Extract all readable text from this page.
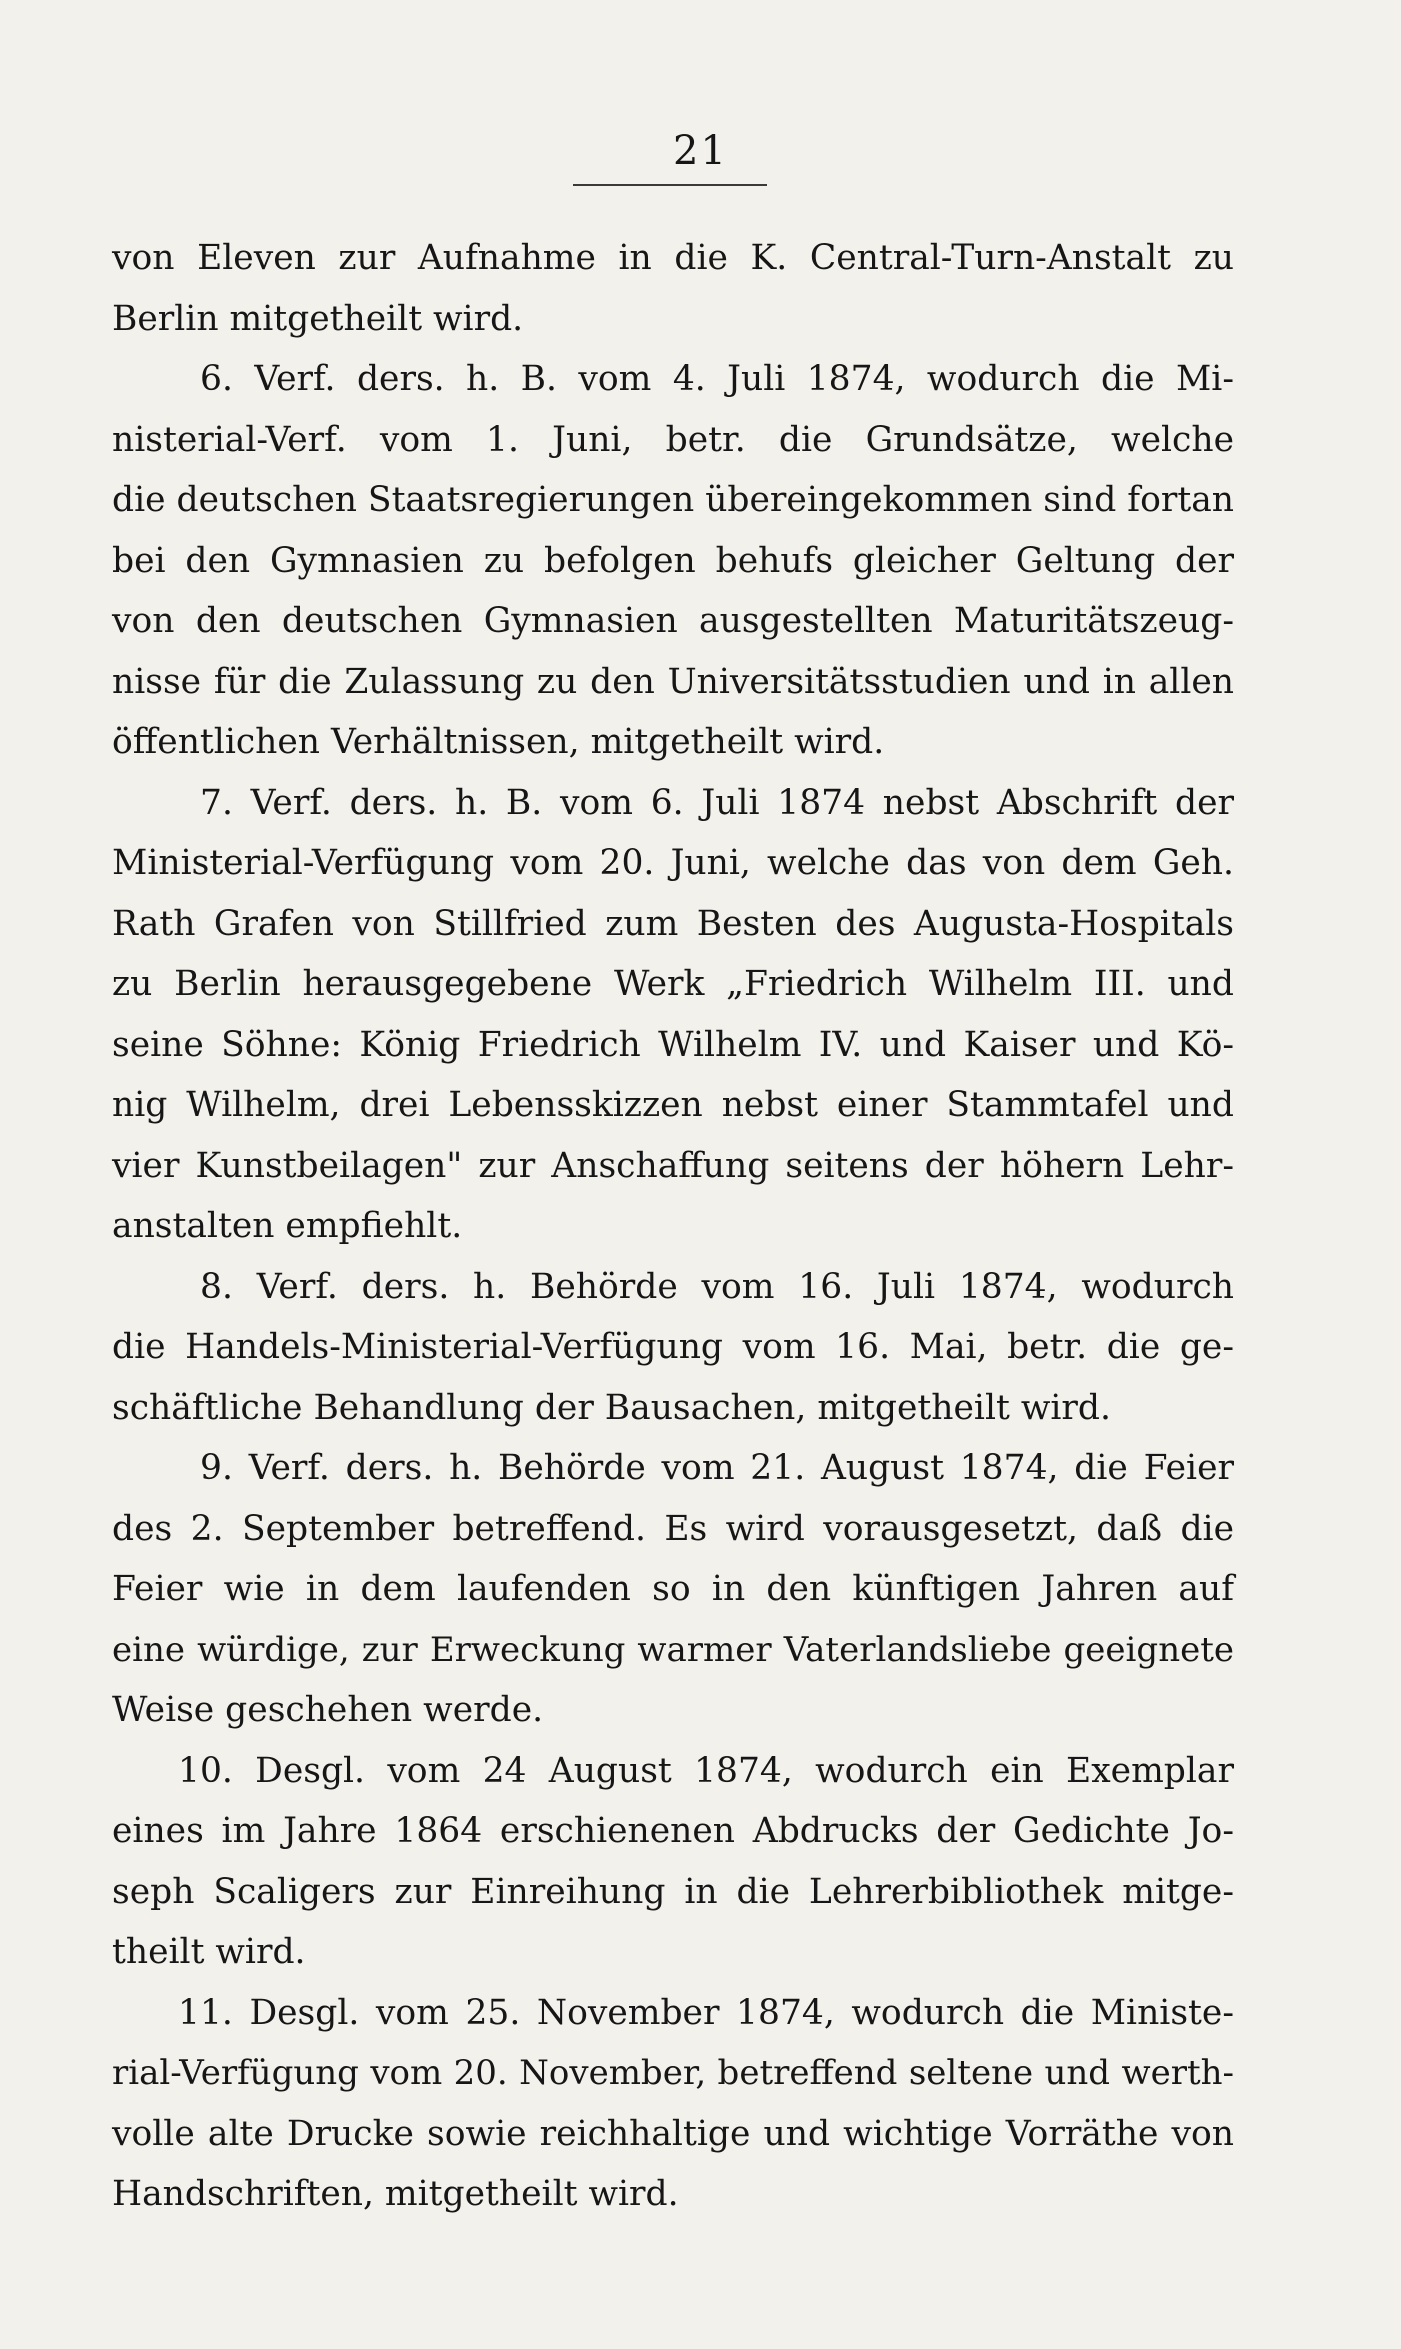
21
von Eleven zur Aufnahme in die K. Central-Turn-Anstalt zu
Berlin mitgetheilt wird.
6. Verf. ders. h. B. vom 4. Juli 1874, wodurch die Mi-
nisterial-Verf. vom 1. Juni, betr. die Grundsätze, welche
die deutschen Staatsregierungen übereingekommen sind fortan
bei den Gymnasien zu befolgen behufs gleicher Geltung der
von den deutschen Gymnasien ausgestellten Maturitätszeug-
nisse für die Zulassung zu den Universitätsstudien und in allen
öffentlichen Verhältnissen, mitgetheilt wird.
7. Verf. ders. h. B. vom 6. Juli 1874 nebst Abschrift der
Ministerial-Verfügung vom 20. Juni, welche das von dem Geh.
Rath Grafen von Stillfried zum Besten des Augusta-Hospitals
zu Berlin herausgegebene Werk „Friedrich Wilhelm III. und
seine Söhne: König Friedrich Wilhelm IV. und Kaiser und Kö-
nig Wilhelm, drei Lebensskizzen nebst einer Stammtafel und
vier Kunstbeilagen" zur Anschaffung seitens der höhern Lehr-
anstalten empfiehlt.
8. Verf. ders. h. Behörde vom 16. Juli 1874, wodurch
die Handels-Ministerial-Verfügung vom 16. Mai, betr. die ge-
schäftliche Behandlung der Bausachen, mitgetheilt wird.
9. Verf. ders. h. Behörde vom 21. August 1874, die Feier
des 2. September betreffend. Es wird vorausgesetzt, daß die
Feier wie in dem laufenden so in den künftigen Jahren auf
eine würdige, zur Erweckung warmer Vaterlandsliebe geeignete
Weise geschehen werde.
10. Desgl. vom 24 August 1874, wodurch ein Exemplar
eines im Jahre 1864 erschienenen Abdrucks der Gedichte Jo-
seph Scaligers zur Einreihung in die Lehrerbibliothek mitge-
theilt wird.
11. Desgl. vom 25. November 1874, wodurch die Ministe-
rial-Verfügung vom 20. November, betreffend seltene und werth-
volle alte Drucke sowie reichhaltige und wichtige Vorräthe von
Handschriften, mitgetheilt wird.
